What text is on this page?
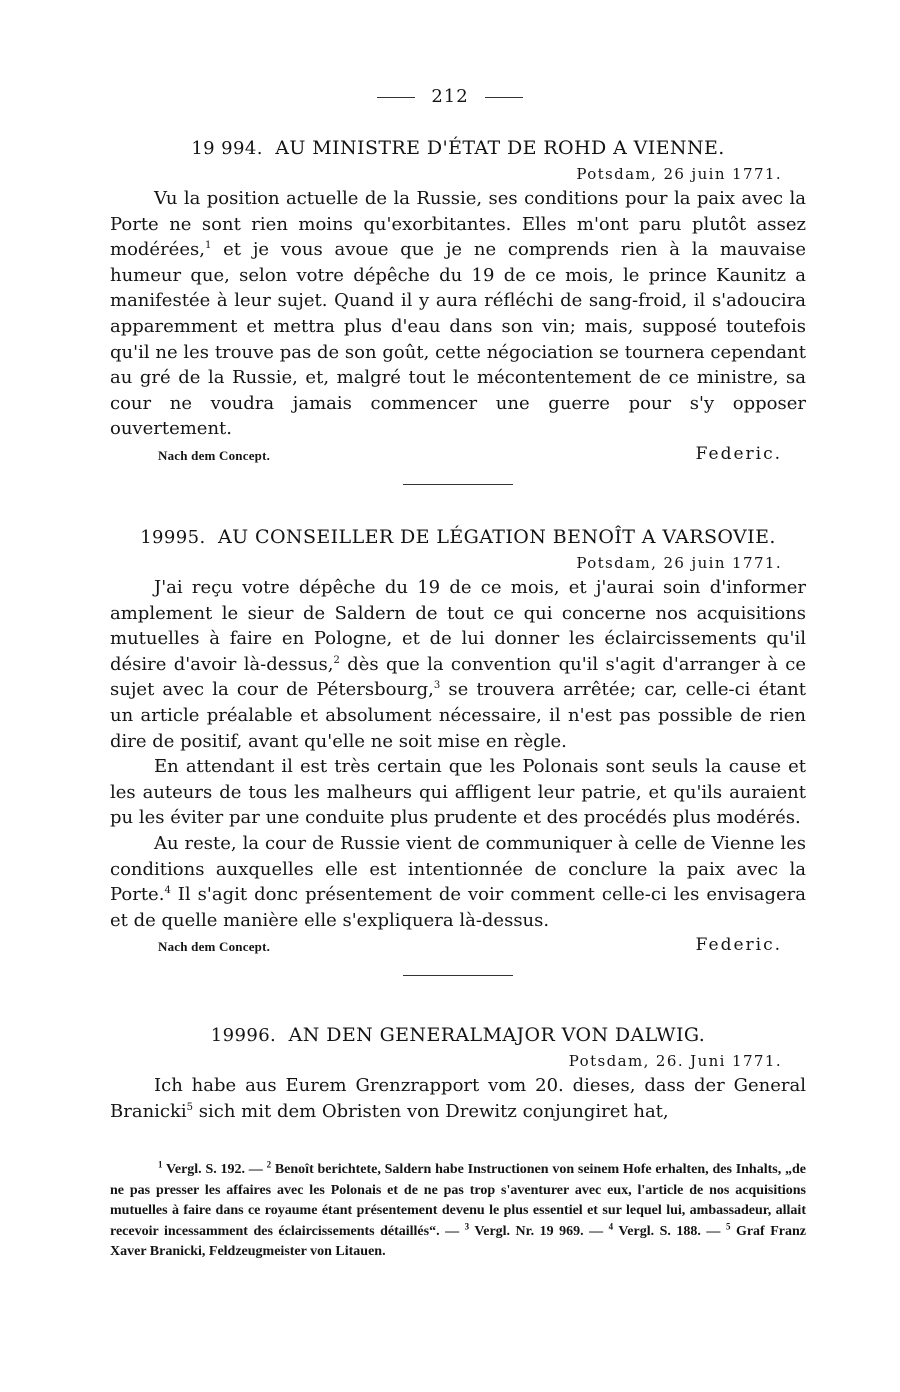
212
19 994. AU MINISTRE D'ÉTAT DE ROHD A VIENNE.
Potsdam, 26 juin 1771.

Vu la position actuelle de la Russie, ses conditions pour la paix avec la Porte ne sont rien moins qu'exorbitantes. Elles m'ont paru plutôt assez modérées,$^1$ et je vous avoue que je ne comprends rien à la mauvaise humeur que, selon votre dépêche du 19 de ce mois, le prince Kaunitz a manifestée à leur sujet. Quand il y aura réfléchi de sang-froid, il s'adoucira apparemment et mettra plus d'eau dans son vin; mais, supposé toutefois qu'il ne les trouve pas de son goût, cette négociation se tournera cependant au gré de la Russie, et, malgré tout le mécontentement de ce ministre, sa cour ne voudra jamais commencer une guerre pour s'y opposer ouvertement.

Nach dem Concept.	Federic.
19995. AU CONSEILLER DE LÉGATION BENOÎT A VARSOVIE.
Potsdam, 26 juin 1771.

J'ai reçu votre dépêche du 19 de ce mois, et j'aurai soin d'informer amplement le sieur de Saldern de tout ce qui concerne nos acquisitions mutuelles à faire en Pologne, et de lui donner les éclaircissements qu'il désire d'avoir là-dessus,$^2$ dès que la convention qu'il s'agit d'arranger à ce sujet avec la cour de Pétersbourg,$^3$ se trouvera arrêtée; car, celle-ci étant un article préalable et absolument nécessaire, il n'est pas possible de rien dire de positif, avant qu'elle ne soit mise en règle.

En attendant il est très certain que les Polonais sont seuls la cause et les auteurs de tous les malheurs qui affligent leur patrie, et qu'ils auraient pu les éviter par une conduite plus prudente et des procédés plus modérés.

Au reste, la cour de Russie vient de communiquer à celle de Vienne les conditions auxquelles elle est intentionnée de conclure la paix avec la Porte.$^4$ Il s'agit donc présentement de voir comment celle-ci les envisagera et de quelle manière elle s'expliquera là-dessus.

Nach dem Concept.	Federic.
19996. AN DEN GENERALMAJOR VON DALWIG.
Potsdam, 26. Juni 1771.

Ich habe aus Eurem Grenzrapport vom 20. dieses, dass der General Branicki$^5$ sich mit dem Obristen von Drewitz conjungiret hat,

$^1$ Vergl. S. 192. — $^2$ Benoît berichtete, Saldern habe Instructionen von seinem Hofe erhalten, des Inhalts, „de ne pas presser les affaires avec les Polonais et de ne pas trop s'aventurer avec eux, l'article de nos acquisitions mutuelles à faire dans ce royaume étant présentement devenu le plus essentiel et sur lequel lui, ambassadeur, allait recevoir incessamment des éclaircissements détaillés“. — $^3$ Vergl. Nr. 19 969. — $^4$ Vergl. S. 188. — $^5$ Graf Franz Xaver Branicki, Feldzeugmeister von Litauen.
